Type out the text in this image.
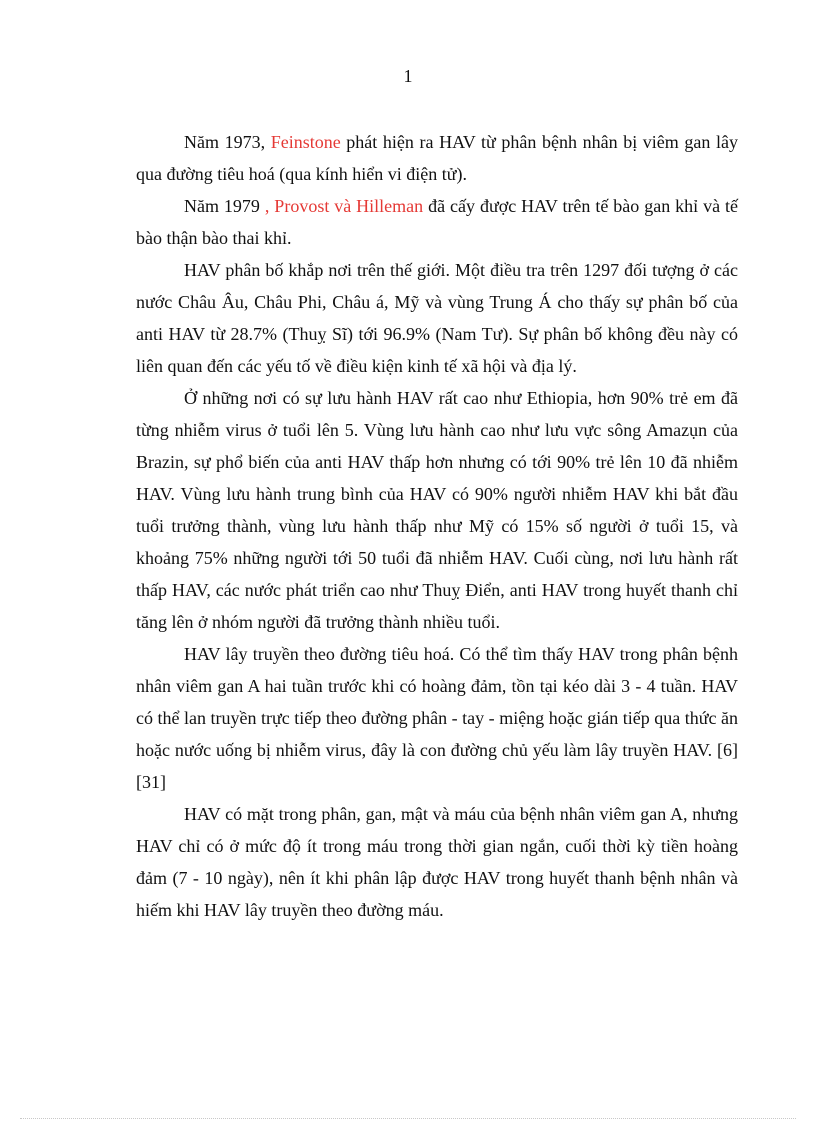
1

Năm 1973, Feinstone phát hiện ra HAV từ phân bệnh nhân bị viêm gan lây qua đường tiêu hoá (qua kính hiển vi điện tử).

Năm 1979 , Provost và Hilleman đã cấy được HAV trên tế bào gan khỉ và tế bào thận bào thai khỉ.

HAV phân bố khắp nơi trên thế giới. Một điều tra trên 1297 đối tượng ở các nước Châu Âu, Châu Phi, Châu á, Mỹ và vùng Trung Á cho thấy sự phân bố của anti HAV từ 28.7% (Thuỵ Sĩ) tới 96.9% (Nam Tư). Sự phân bố không đều này có liên quan đến các yếu tố về điều kiện kinh tế xã hội và địa lý.

Ở những nơi có sự lưu hành HAV rất cao như Ethiopia, hơn 90% trẻ em đã từng nhiễm virus ở tuổi lên 5. Vùng lưu hành cao như lưu vực sông Amazụn của Brazin, sự phổ biến của anti HAV thấp hơn nhưng có tới 90% trẻ lên 10 đã nhiễm HAV. Vùng lưu hành trung bình của HAV có 90% người nhiễm HAV khi bắt đầu tuổi trưởng thành, vùng lưu hành thấp như Mỹ có 15% số người ở tuổi 15, và khoảng 75% những người tới 50 tuổi đã nhiễm HAV. Cuối cùng, nơi lưu hành rất thấp HAV, các nước phát triển cao như Thuỵ Điển, anti HAV trong huyết thanh chỉ tăng lên ở nhóm người đã trưởng thành nhiều tuổi.

HAV lây truyền theo đường tiêu hoá. Có thể tìm thấy HAV trong phân bệnh nhân viêm gan A hai tuần trước khi có hoàng đảm, tồn tại kéo dài 3 - 4 tuần. HAV có thể lan truyền trực tiếp theo đường phân - tay - miệng hoặc gián tiếp qua thức ăn hoặc nước uống bị nhiễm virus, đây là con đường chủ yếu làm lây truyền HAV. [6] [31]

HAV có mặt trong phân, gan, mật và máu của bệnh nhân viêm gan A, nhưng HAV chỉ có ở mức độ ít trong máu trong thời gian ngắn, cuối thời kỳ tiền hoàng đảm (7 - 10 ngày), nên ít khi phân lập được HAV trong huyết thanh bệnh nhân và hiếm khi HAV lây truyền theo đường máu.
